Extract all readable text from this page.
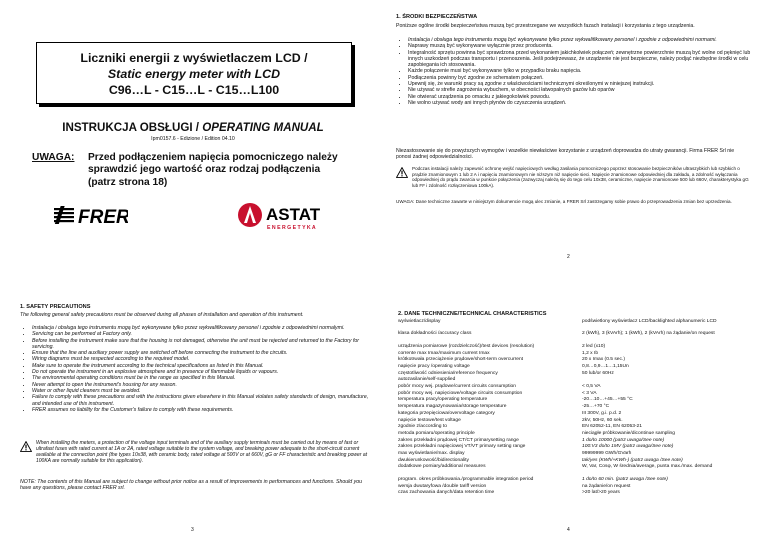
Liczniki energii z wyświetlaczem LCD /
Static energy meter with LCD
C96…L - C15…L - C15…L100
INSTRUKCJA OBSŁUGI / OPERATING MANUAL
Ipm0157.6 - Edizione / Edition 04.10
UWAGA: Przed podłączeniem napięcia pomocniczego należy sprawdzić jego wartość oraz rodzaj podłączenia (patrz strona 18)
FRER	ASTAT
E N E R G E T Y K A
1. ŚRODKI BEZPIECZEŃSTWA
Poniższe ogólne środki bezpieczeństwa muszą być przestrzegane we wszystkich fazach instalacji i korzystania z tego urządzenia.
• Instalacja i obsługa tego instrumentu mogą być wykonywane tylko przez wykwalifikowany personel i zgodnie z odpowiednimi normami.
• Naprawy muszą być wykonywane wyłącznie przez producenta.
• Integralność sprzętu powinna być sprawdzona przed wykonaniem jakichkolwiek połączeń; zewnętrzne powierzchnie muszą być wolne od pęknięć lub innych uszkodzeń podczas transportu i przenoszenia. Jeśli podejrzewasz, że urządzenie nie jest bezpieczne, należy podjąć niezbędne środki w celu zapobiegania ich stosowania.
• Każde połączenie musi być wykonywane tylko w przypadku braku napięcia.
• Podłączenia powinny być zgodne ze schematem połączeń.
• Upewnij się, że warunki pracy są zgodne z właściwościami technicznymi określonymi w niniejszej instrukcji.
• Nie używać w strefie zagrożenia wybuchem, w obecności łatwopalnych gazów lub oparów
• Nie otwierać urządzenia po omacku z jakiegokolwiek powodu.
• Nie wolno używać wody ani innych płynów do czyszczenia urządzeń.
Niezastosowanie się do powyższych wymogów i wszelkie niewłaściwe korzystanie z urządzeń doprowadza do utraty gwarancji. Firma FRER Srl nie ponosi żadnej odpowiedzialności.
Podczas instalacji należy zapewnić ochronę wejść napięciowych według zasilania pomocniczego poprzez stosowanie bezpieczników ultraszybkich lub szybkich o prądzie znamionowym 1 lub 2 A i napięciu znamionowym nie niższym niż napięcie sieci. Napięcie znamionowe odpowiedniej dla zakładu, a zdolność wyłączania odpowiedniej do prądu zwarcia w punkcie połączenia (zazwyczaj należą się do tego celu 10x38, ceramiczne, napięcie znamionowe 500 lub 660V, charakterystyka gG lub FF i zdolność rozłączeniowa 100kA).
UWAGA: Dane techniczne zawarte w niniejszym dokumencie mogą ulec zmianie, a FRER Srl zastrzegamy sobie prawo do przeprowadzenia zmian bez uprzedzenia.
2
1. SAFETY PRECAUTIONS
The following general safety precautions must be observed during all phases of installation and operation of this instrument.
• Instalacja i obsługa tego instrumentu mogą być wykonywane tylko przez wykwalifikowany personel i zgodnie z odpowiednimi normalymi.
• Servicing can be performed at Factory only.
• Before installing the instrument make sure that the housing is not damaged, otherwise the unit must be rejected and returned to the Factory for servicing.
• Ensure that the line and auxiliary power supply are switched off before connecting the instrument to the circuits.
• Wiring diagrams must be respected according to the required model.
• Make sure to operate the instrument according to the technical specifications as listed in this Manual.
• Do not operate the instrument in an explosive atmosphere and in presence of flammable liquids or vapours.
• The environmental operating conditions must be in the range as specified in this Manual.
• Never attempt to open the instrument's housing for any reason.
• Water or other liquid cleaners must be avoided.
• Failure to comply with these precautions and with the instructions given elsewhere in this Manual violates safety standards of design, manufacture, and intended use of this instrument.
• FRER assumes no liability for the Customer's failure to comply with these requirements.
When installing the meters, a protection of the voltage input terminals and of the auxiliary supply terminals must be carried out by means of fast or ultrafast fuses with rated current at 1A or 2A, rated voltage suitable to the system voltage, and breaking power adequate to the short-circuit current available at the connection point (the types 10x38, with ceramic body, rated voltage at 500V or at 660V, gG or FF characteristic and breaking power at 100KA are normally suitable for this application).
NOTE: The contents of this Manual are subject to change without prior notice as a result of improvements in performances and functions. Should you have any questions, please contact FRER srl.
3
2. DANE TECHNICZNE/TECHNICAL CHARACTERISTICS
wyświetlacz/display	podświetlony wyświetlacz LCD/backlighted alphanumeric LCD
klasa dokładności /accuracy class	2 (kWh), 3 (kVArh); 1 (kWh), 2 (kVArh) na żądanie/on request
urządzenia pomiarowe (rozdzielczość)/test devices (resolution)	2 led (x10)
corrente max Imax/maximum current Imax	1,2 x Ib
krótkotrwała przeciążenie prądowe/short-term overcurrent	20 x Imax (0.5 sec.)
napięcie pracy /operating voltage	0,8…0,9…1…1,15Un
częstotliwość odniesienia/reference frequency	50 lub/or 60Hz
autozasilanie/self-supplied
pobór mocy wej. prądowe/current circuits consumption	< 0,5 VA
pobór mocy wej. napięciowe/voltage circuits consumption	< 3 VA
temperatura pracy/operating temperature	-20…10…+45…+55 °C
temperatura magazynowania/storage temperature	-25…+70 °C
kategoria przepięciowa/overvoltage category	III 300V, g.i. p.d. 2
napięcie testowe/test voltage	2kV, 50Hz, 60 sek.
zgodnie z/according to	EN 62052-11, EN 62053-21
metoda pomiaru/operating principle	nieciągłe próbkowanie/dicontinue sampling
zakres przekładni prądowej CT/CT primarysetting range	1 do/to 10000 (patrz uwaga/See note)
zakres przekładni napięciowej VT/VT primary setting range	100:V3 do/to 1MV (patrz uwaga/See note)
max wyświetlanie/max. display	99999999 GWh/GVarh
dwukierunkowość/bidirectionality	tak/yes (KWh/+KWh-) (patrz uwaga /See note)
dodatkowe pomiary/additional measures	W, Var, Cosφ, W średnia/average, punta max./max. demand
program. okres próbkowania./programmable integration period	1 do/to 60 min. (patrz uwaga /See note)
wersja dwutaryfowa /double tariff version	na żądanie/on request
czas zachowania danych/data retention time	>20 lat/>20 years
4
